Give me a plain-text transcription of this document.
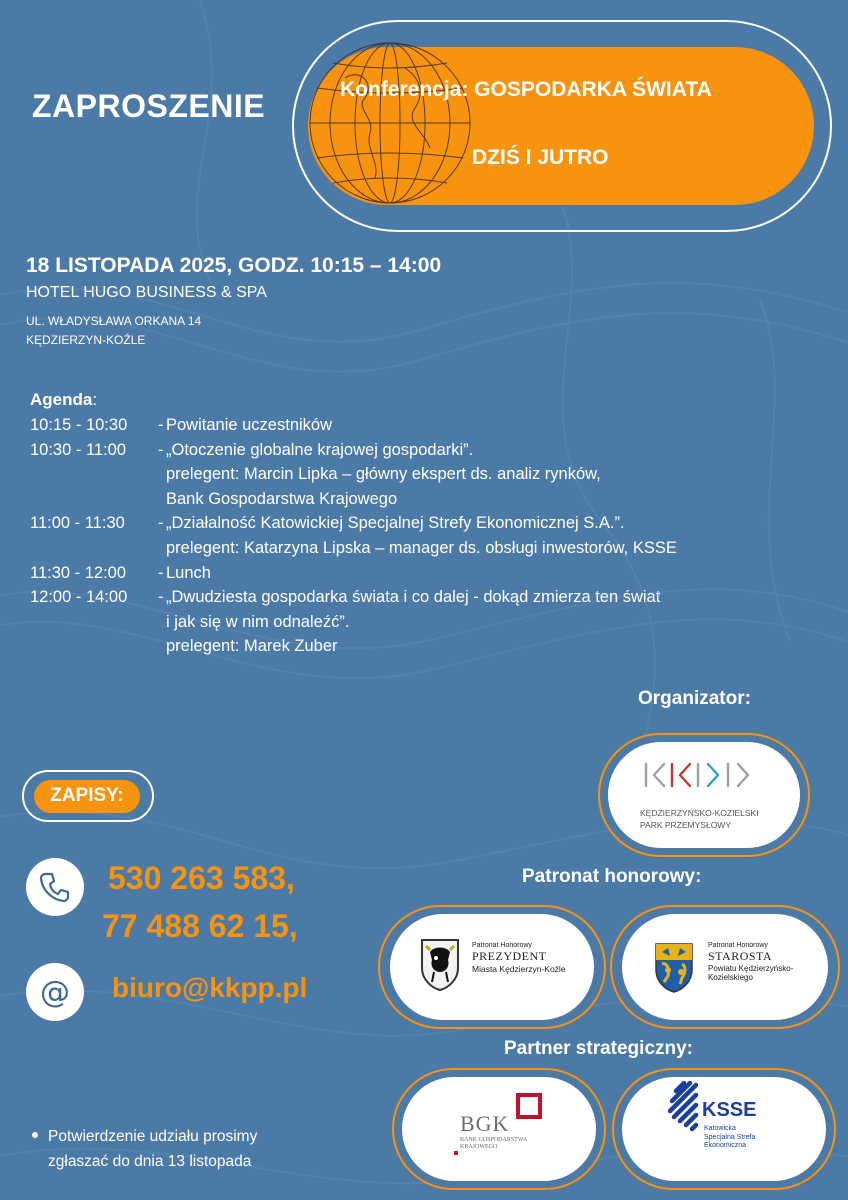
ZAPROSZENIE	Konferencja: GOSPODARKA ŚWIATA
DZIŚ I JUTRO
18 LISTOPADA 2025, GODZ. 10:15 – 14:00
HOTEL HUGO BUSINESS & SPA
UL. WŁADYSŁAWA ORKANA 14
KĘDZIERZYN-KOŹLE
Agenda:
10:15 - 10:30	- Powitanie uczestników
10:30 - 11:00	- „Otoczenie globalne krajowej gospodarki”.
prelegent: Marcin Lipka – główny ekspert ds. analiz rynków,
Bank Gospodarstwa Krajowego
11:00 - 11:30	- „Działalność Katowickiej Specjalnej Strefy Ekonomicznej S.A.”.
prelegent: Katarzyna Lipska – manager ds. obsługi inwestorów, KSSE
11:30 - 12:00	- Lunch
12:00 - 14:00	- „Dwudziesta gospodarka świata i co dalej - dokąd zmierza ten świat
i jak się w nim odnaleźć”.
prelegent: Marek Zuber
Organizator:
KĘDZIERZYŃSKO-KOZIELSKI
PARK PRZEMYSŁOWY
ZAPISY:
530 263 583,
77 488 62 15,
@ biuro@kkpp.pl
Patronat honorowy:
Patronat Honorowy
PREZYDENT
Miasta Kędzierzyn-Koźle
Patronat Honorowy
STAROSTA
Powiatu Kędzierzyńsko-
Kozielskiego
Partner strategiczny:
BGK
BANK GOSPODARSTWA
KRAJOWEGO
KSSE
Katowicka
Specjalna Strefa
Ekonomiczna
Potwierdzenie udziału prosimy
zgłaszać do dnia 13 listopada
